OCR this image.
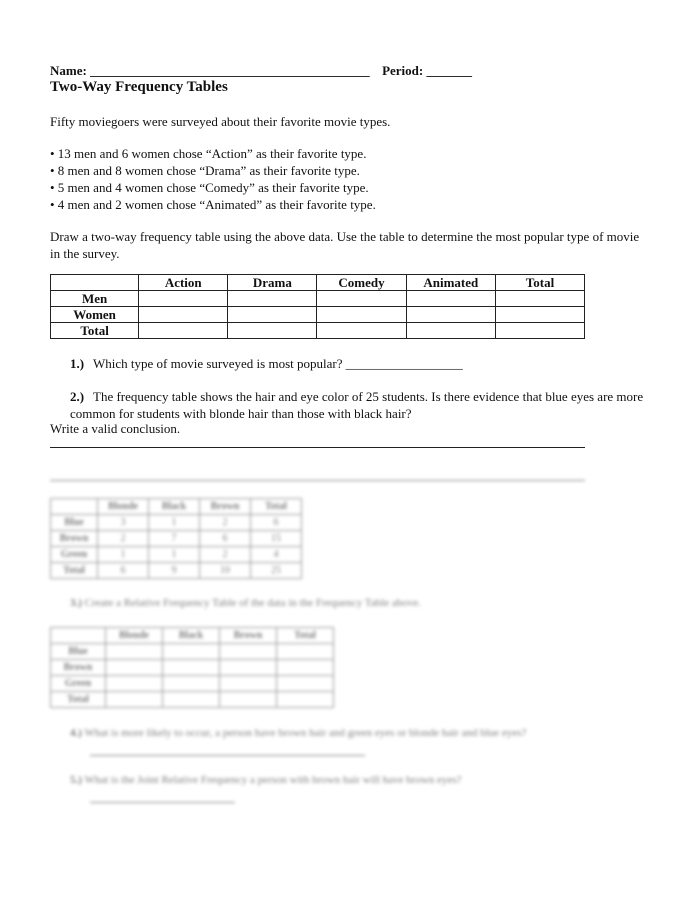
Name: ___________________________________________ Period: _______
Two-Way Frequency Tables
Fifty moviegoers were surveyed about their favorite movie types.
• 13 men and 6 women chose “Action” as their favorite type.
• 8 men and 8 women chose “Drama” as their favorite type.
• 5 men and 4 women chose “Comedy” as their favorite type.
• 4 men and 2 women chose “Animated” as their favorite type.
Draw a two-way frequency table using the above data. Use the table to determine the most popular type of movie in the survey.
	Action	Drama	Comedy	Animated	Total
Men					
Women					
Total					
1.) Which type of movie surveyed is most popular? __________________
2.) The frequency table shows the hair and eye color of 25 students. Is there evidence that blue eyes are more common for students with blonde hair than those with black hair?
Write a valid conclusion.
	Blonde	Black	Brown	Total
Blue	3	1	2	6
Brown	2	7	6	15
Green	1	1	2	4
Total	6	9	10	25
3.) Create a Relative Frequency Table of the data in the Frequency Table above.
	Blonde	Black	Brown	Total
Blue				
Brown				
Green				
Total				
4.) What is more likely to occur, a person have brown hair and green eyes or blonde hair and blue eyes?
5.) What is the Joint Relative Frequency a person with brown hair will have brown eyes?
